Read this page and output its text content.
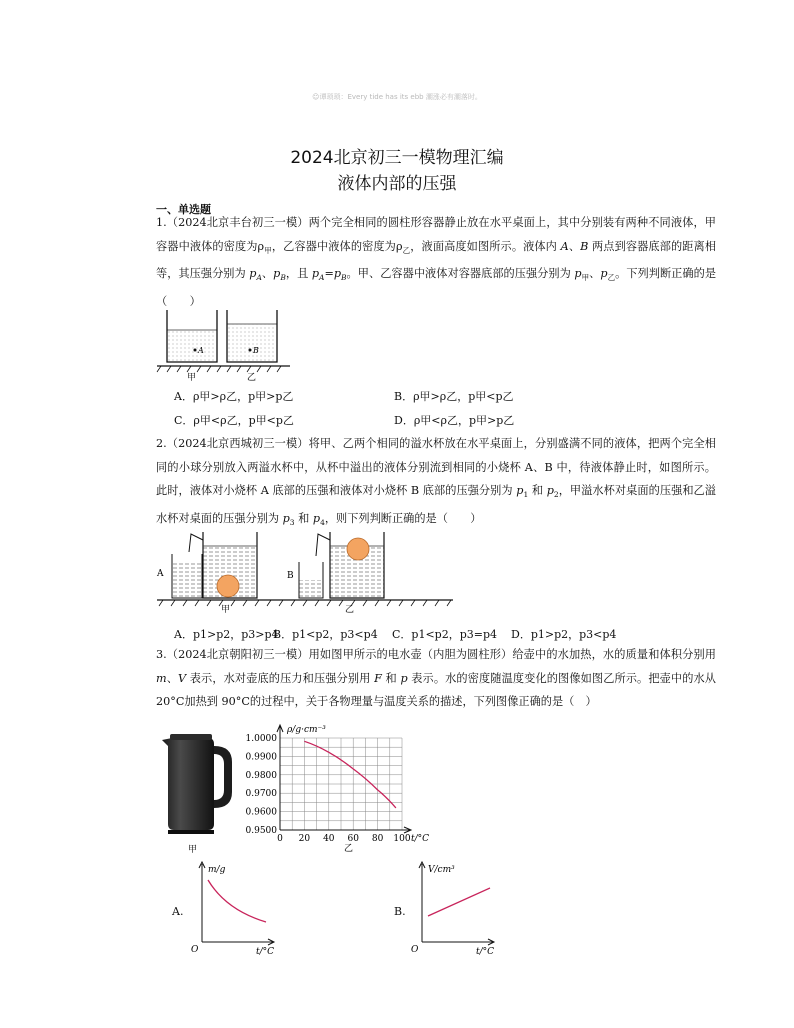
☺谭琐琐：Every tide has its ebb 潮涨必有潮落时。
2024北京初三一模物理汇编
液体内部的压强
一、单选题
1.（2024北京丰台初三一模）两个完全相同的圆柱形容器静止放在水平桌面上，其中分别装有两种不同液体，甲容器中液体的密度为$\rho_甲$，乙容器中液体的密度为$\rho_乙$，液面高度如图所示。液体内 A、B 两点到容器底部的距离相等，其压强分别为 $p_A$、$p_B$，且 $p_A=p_B$。甲、乙容器中液体对容器底部的压强分别为 $p_甲$、$p_乙$。下列判断正确的是（　　）
A	B
甲	乙
A．ρ甲>ρ乙，p甲>p乙	B．ρ甲>ρ乙，p甲<p乙
C．ρ甲<ρ乙，p甲<p乙	D．ρ甲<ρ乙，p甲>p乙
2.（2024北京西城初三一模）将甲、乙两个相同的溢水杯放在水平桌面上，分别盛满不同的液体，把两个完全相同的小球分别放入两溢水杯中，从杯中溢出的液体分别流到相同的小烧杯 A、B 中，待液体静止时，如图所示。此时，液体对小烧杯 A 底部的压强和液体对小烧杯 B 底部的压强分别为 $p_1$ 和 $p_2$，甲溢水杯对桌面的压强和乙溢水杯对桌面的压强分别为 $p_3$ 和 $p_4$，则下列判断正确的是（　　）
A	B
甲	乙
A．p1>p2，p3>p4
B．p1<p2，p3<p4 C．p1<p2，p3=p4 D．p1>p2，p3<p4
3.（2024北京朝阳初三一模）用如图甲所示的电水壶（内胆为圆柱形）给壶中的水加热，水的质量和体积分别用 m、V 表示，水对壶底的压力和压强分别用 F 和 p 表示。水的密度随温度变化的图像如图乙所示。把壶中的水从 20°C加热到 90°C的过程中，关于各物理量与温度关系的描述，下列图像正确的是（　）
甲
1.0000
0.9900
0.9800
0.9700
0.9600
0.9500
0 20 40 60 80 100
ρ/g·cm⁻³
t/°C
乙
A.
m/g
O	t/°C
B.
V/cm³
O	t/°C
